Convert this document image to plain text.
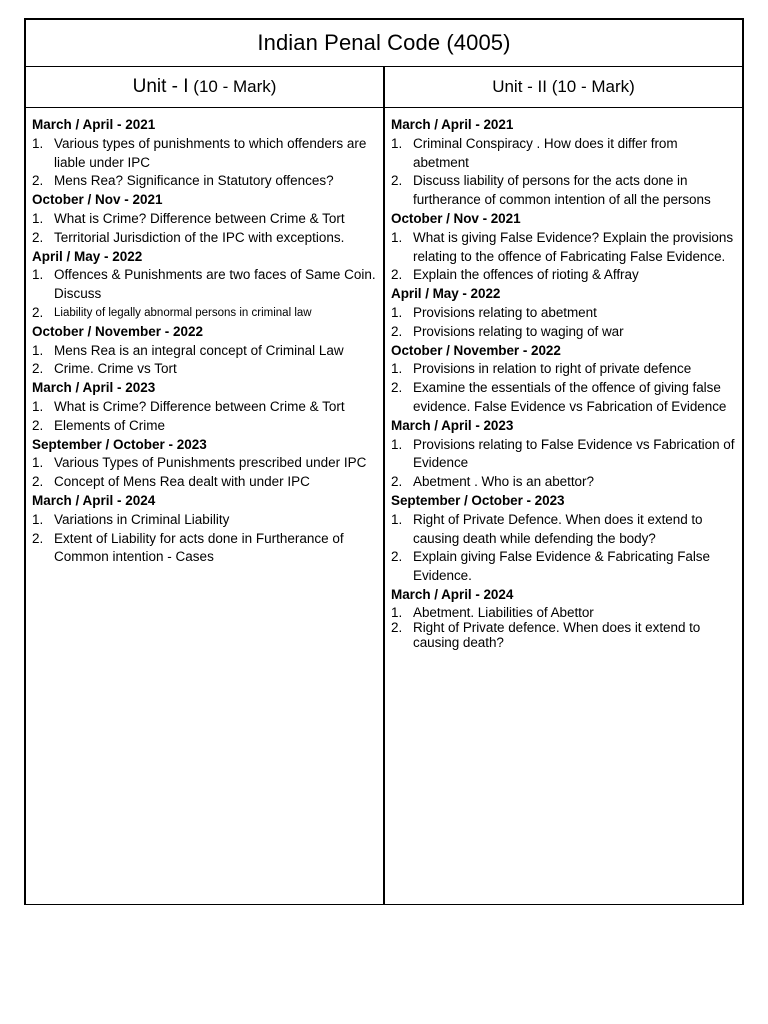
Indian Penal Code (4005)
Unit - I
(10 - Mark)	Unit - II (10 - Mark)
March / April - 2021
1. Various types of punishments to which offenders are liable under IPC
2. Mens Rea? Significance in Statutory offences?
October / Nov - 2021
1. What is Crime? Difference between Crime & Tort
2. Territorial Jurisdiction of the IPC with exceptions.
April / May - 2022
1. Offences & Punishments are two faces of Same Coin. Discuss
2. Liability of legally abnormal persons in criminal law
October / November - 2022
1. Mens Rea is an integral concept of Criminal Law
2. Crime. Crime vs Tort
March / April - 2023
1. What is Crime? Difference between Crime & Tort
2. Elements of Crime
September / October - 2023
1. Various Types of Punishments prescribed under IPC
2. Concept of Mens Rea dealt with under IPC
March / April - 2024
1. Variations in Criminal Liability
2. Extent of Liability for acts done in Furtherance of Common intention - Cases
March / April - 2021
1. Criminal Conspiracy . How does it differ from abetment
2. Discuss liability of persons for the acts done in furtherance of common intention of all the persons
October / Nov - 2021
1. What is giving False Evidence? Explain the provisions relating to the offence of Fabricating False Evidence.
2. Explain the offences of rioting & Affray
April / May - 2022
1. Provisions relating to abetment
2. Provisions relating to waging of war
October / November - 2022
1. Provisions in relation to right of private defence
2. Examine the essentials of the offence of giving false evidence. False Evidence vs Fabrication of Evidence
March / April - 2023
1. Provisions relating to False Evidence vs Fabrication of Evidence
2. Abetment . Who is an abettor?
September / October - 2023
1. Right of Private Defence. When does it extend to causing death while defending the body?
2. Explain giving False Evidence & Fabricating False Evidence.
March / April - 2024
1. Abetment. Liabilities of Abettor
2. Right of Private defence. When does it extend to causing death?
